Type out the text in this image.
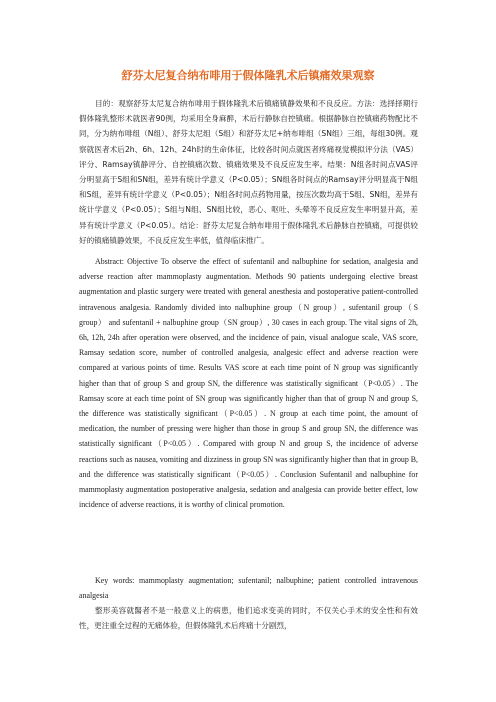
舒芬太尼复合纳布啡用于假体隆乳术后镇痛效果观察

目的：观察舒芬太尼复合纳布啡用于假体隆乳术后镇痛镇静效果和不良反应。方法：选择择期行假体隆乳整形术就医者90例，均采用全身麻醉，术后行静脉自控镇痛。根据静脉自控镇痛药物配比不同，分为纳布啡组（N组）、舒芬太尼组（S组）和舒芬太尼+纳布啡组（SN组）三组，每组30例。观察就医者术后2h、6h、12h、24h时的生命体征，比较各时间点就医者疼痛视觉模拟评分法（VAS）评分、Ramsay镇静评分、自控镇痛次数、镇痛效果及不良反应发生率。结果：N组各时间点VAS评分明显高于S组和SN组，差异有统计学意义（P<0.05）；SN组各时间点的Ramsay评分明显高于N组和S组，差异有统计学意义（P<0.05）；N组各时间点药物用量，按压次数均高于S组、SN组，差异有统计学意义（P<0.05）；S组与N组、SN组比较，恶心、呕吐、头晕等不良反应发生率明显升高，差异有统计学意义（P<0.05）。结论：舒芬太尼复合纳布啡用于假体隆乳术后静脉自控镇痛，可提供较好的镇痛镇静效果，不良反应发生率低，值得临床推广。

Abstract: Objective To observe the effect of sufentanil and nalbuphine for sedation, analgesia and adverse reaction after mammoplasty augmentation. Methods 90 patients undergoing elective breast augmentation and plastic surgery were treated with general anesthesia and postoperative patient-controlled intravenous analgesia. Randomly divided into nalbuphine group（N group）, sufentanil group（S group） and sufentanil + nalbuphine group（SN group）, 30 cases in each group. The vital signs of 2h, 6h, 12h, 24h after operation were observed, and the incidence of pain, visual analogue scale, VAS score, Ramsay sedation score, number of controlled analgesia, analgesic effect and adverse reaction were compared at various points of time. Results VAS score at each time point of N group was significantly higher than that of group S and group SN, the difference was statistically significant（P<0.05）. The Ramsay score at each time point of SN group was significantly higher than that of group N and group S, the difference was statistically significant（P<0.05）. N group at each time point, the amount of medication, the number of pressing were higher than those in group S and group SN, the difference was statistically significant（P<0.05）. Compared with group N and group S, the incidence of adverse reactions such as nausea, vomiting and dizziness in group SN was significantly higher than that in group B, and the difference was statistically significant（P<0.05）. Conclusion Sufentanil and nalbuphine for mammoplasty augmentation postoperative analgesia, sedation and analgesia can provide better effect, low incidence of adverse reactions, it is worthy of clinical promotion.

Key words: mammoplasty augmentation; sufentanil; nalbuphine; patient controlled intravenous analgesia

整形美容就醫者不是一般意义上的病患，他们追求变美的同时，不仅关心手术的安全性和有效性，更注重全过程的无痛体验，但假体隆乳术后疼痛十分剧烈，
